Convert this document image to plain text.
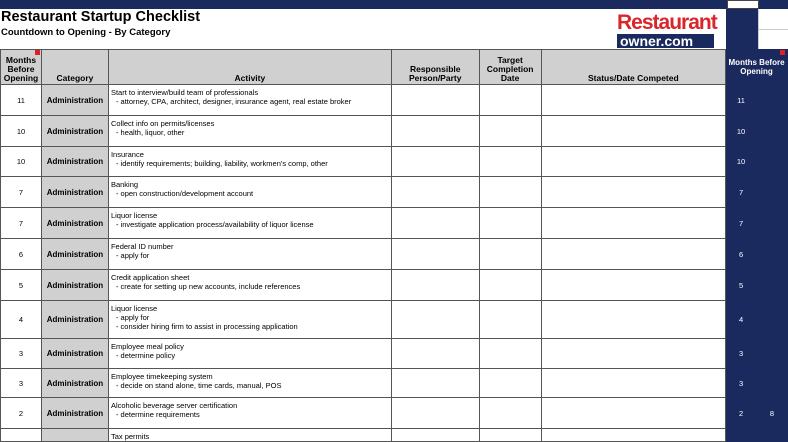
Restaurant Startup Checklist
Countdown to Opening - By Category	Restaurant
owner.com
Months Before Opening	Category	Activity	Responsible Person/Party	Target Completion Date	Status/Date Competed	Months Before Opening	
11	Administration	Start to interview/build team of professionals
- attorney, CPA, architect, designer, insurance agent, real estate broker				11	
10	Administration	Collect info on permits/licenses
- health, liquor, other				10	
10	Administration	Insurance
- identify requirements; building, liability, workmen's comp, other				10	
7	Administration	Banking
- open construction/development account				7	
7	Administration	Liquor license
- investigate application process/availability of liquor license				7	
6	Administration	Federal ID number
- apply for				6	
5	Administration	Credit application sheet
- create for setting up new accounts, include references				5	
4	Administration	Liquor license
- apply for
- consider hiring firm to assist in processing application				4	
3	Administration	Employee meal policy
- determine policy				3	
3	Administration	Employee timekeeping system
- decide on stand alone, time cards, manual, POS				3	
2	Administration	Alcoholic beverage server certification
- determine requirements				2	8

		Tax permits					
